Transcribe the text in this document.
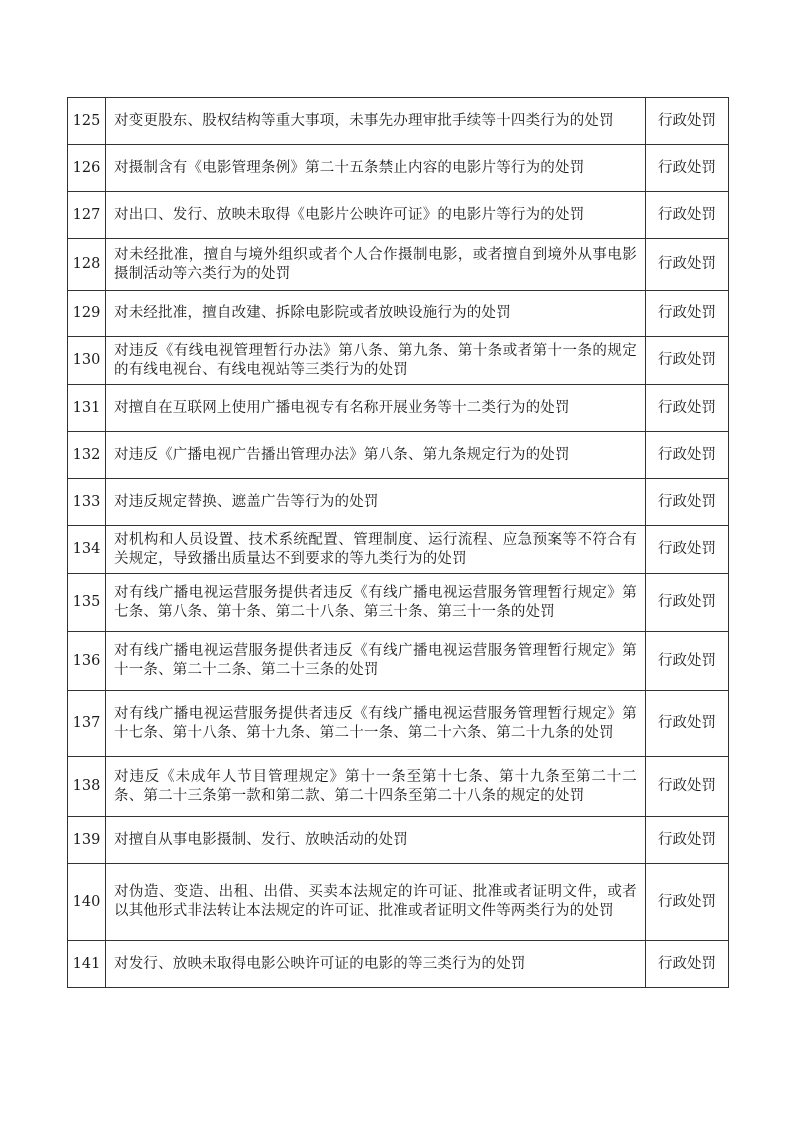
125	对变更股东、股权结构等重大事项，未事先办理审批手续等十四类行为的处罚	行政处罚
126	对摄制含有《电影管理条例》第二十五条禁止内容的电影片等行为的处罚	行政处罚
127	对出口、发行、放映未取得《电影片公映许可证》的电影片等行为的处罚	行政处罚
128	对未经批准，擅自与境外组织或者个人合作摄制电影，或者擅自到境外从事电影摄制活动等六类行为的处罚	行政处罚
129	对未经批准，擅自改建、拆除电影院或者放映设施行为的处罚	行政处罚
130	对违反《有线电视管理暂行办法》第八条、第九条、第十条或者第十一条的规定的有线电视台、有线电视站等三类行为的处罚	行政处罚
131	对擅自在互联网上使用广播电视专有名称开展业务等十二类行为的处罚	行政处罚
132	对违反《广播电视广告播出管理办法》第八条、第九条规定行为的处罚	行政处罚
133	对违反规定替换、遮盖广告等行为的处罚	行政处罚
134	对机构和人员设置、技术系统配置、管理制度、运行流程、应急预案等不符合有关规定，导致播出质量达不到要求的等九类行为的处罚	行政处罚
135	对有线广播电视运营服务提供者违反《有线广播电视运营服务管理暂行规定》第七条、第八条、第十条、第二十八条、第三十条、第三十一条的处罚	行政处罚
136	对有线广播电视运营服务提供者违反《有线广播电视运营服务管理暂行规定》第十一条、第二十二条、第二十三条的处罚	行政处罚
137	对有线广播电视运营服务提供者违反《有线广播电视运营服务管理暂行规定》第十七条、第十八条、第十九条、第二十一条、第二十六条、第二十九条的处罚	行政处罚
138	对违反《未成年人节目管理规定》第十一条至第十七条、第十九条至第二十二条、第二十三条第一款和第二款、第二十四条至第二十八条的规定的处罚	行政处罚
139	对擅自从事电影摄制、发行、放映活动的处罚	行政处罚
140	对伪造、变造、出租、出借、买卖本法规定的许可证、批准或者证明文件，或者以其他形式非法转让本法规定的许可证、批准或者证明文件等两类行为的处罚	行政处罚
141	对发行、放映未取得电影公映许可证的电影的等三类行为的处罚	行政处罚
